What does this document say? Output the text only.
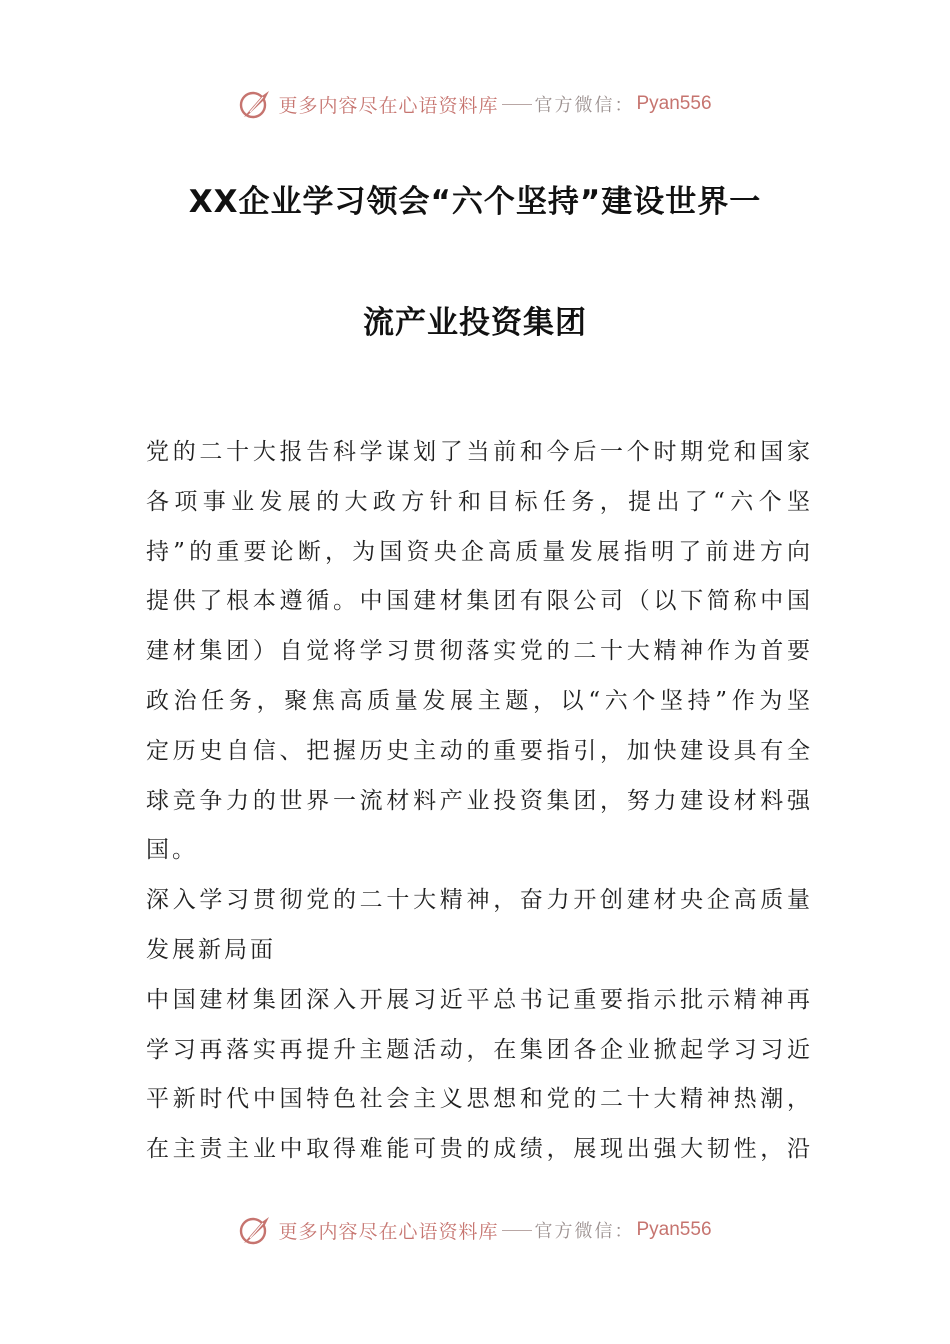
更多内容尽在心语资料库 官方微信： Pyan556
XX企业学习领会“六个坚持”建设世界一
流产业投资集团
党的二十大报告科学谋划了当前和今后一个时期党和国家
各项事业发展的大政方针和目标任务，提出了“六个坚
持”的重要论断，为国资央企高质量发展指明了前进方向
提供了根本遵循。中国建材集团有限公司（以下简称中国
建材集团）自觉将学习贯彻落实党的二十大精神作为首要
政治任务，聚焦高质量发展主题，以“六个坚持”作为坚
定历史自信、把握历史主动的重要指引，加快建设具有全
球竞争力的世界一流材料产业投资集团，努力建设材料强
国。
深入学习贯彻党的二十大精神，奋力开创建材央企高质量
发展新局面
中国建材集团深入开展习近平总书记重要指示批示精神再
学习再落实再提升主题活动，在集团各企业掀起学习习近
平新时代中国特色社会主义思想和党的二十大精神热潮，
在主责主业中取得难能可贵的成绩，展现出强大韧性，沿
更多内容尽在心语资料库 官方微信： Pyan556
